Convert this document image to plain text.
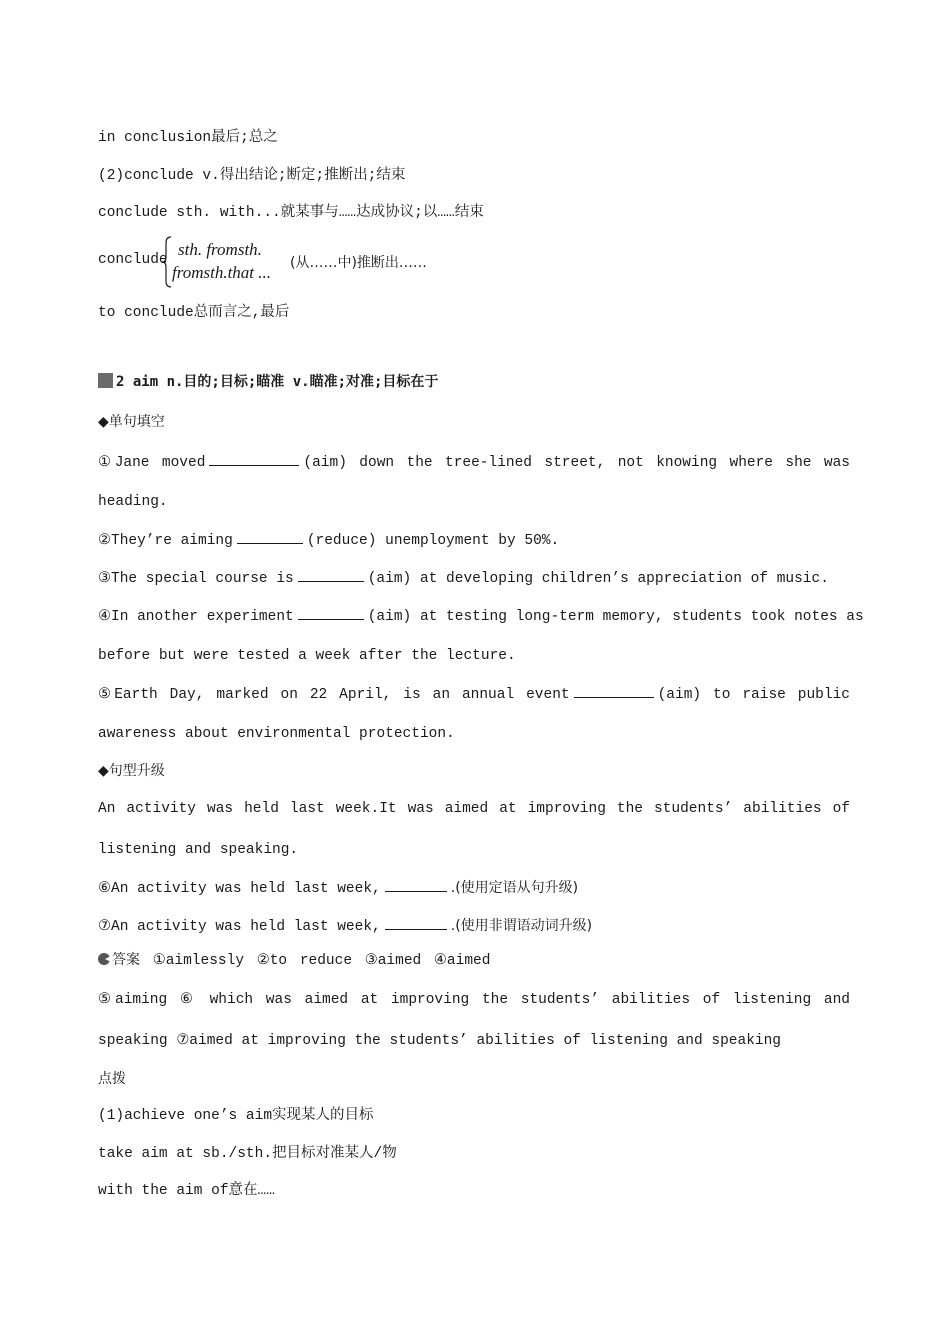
in conclusion最后;总之
(2)conclude v.得出结论;断定;推断出;结束
conclude sth. with...就某事与……达成协议;以……结束
conclude
sth. fromsth.
fromsth.that ... (从……中)推断出……
to conclude总而言之,最后
2 aim n.目的;目标;瞄准 v.瞄准;对准;目标在于
◆单句填空
①Jane moved	(aim) down the tree-lined street, not knowing where she was
heading.
②They’re aiming	(reduce) unemployment by 50%.
③The special course is	(aim) at developing children’s appreciation of music.
④In another experiment	(aim) at testing long-term memory, students took notes as
before but were tested a week after the lecture.
⑤Earth Day, marked on 22 April, is an annual event	(aim) to raise public
awareness about environmental protection.
◆句型升级
An activity was held last week.It was aimed at improving the students’ abilities of
listening and speaking.
⑥An activity was held last week,	.(使用定语从句升级)
⑦An activity was held last week,	.(使用非谓语动词升级)
答案 ①aimlessly ②to reduce ③aimed ④aimed
⑤aiming ⑥ which was aimed at improving the students’ abilities of listening and
speaking ⑦aimed at improving the students’ abilities of listening and speaking
点拨
(1)achieve one’s aim实现某人的目标
take aim at sb./sth.把目标对准某人/物
with the aim of意在……
